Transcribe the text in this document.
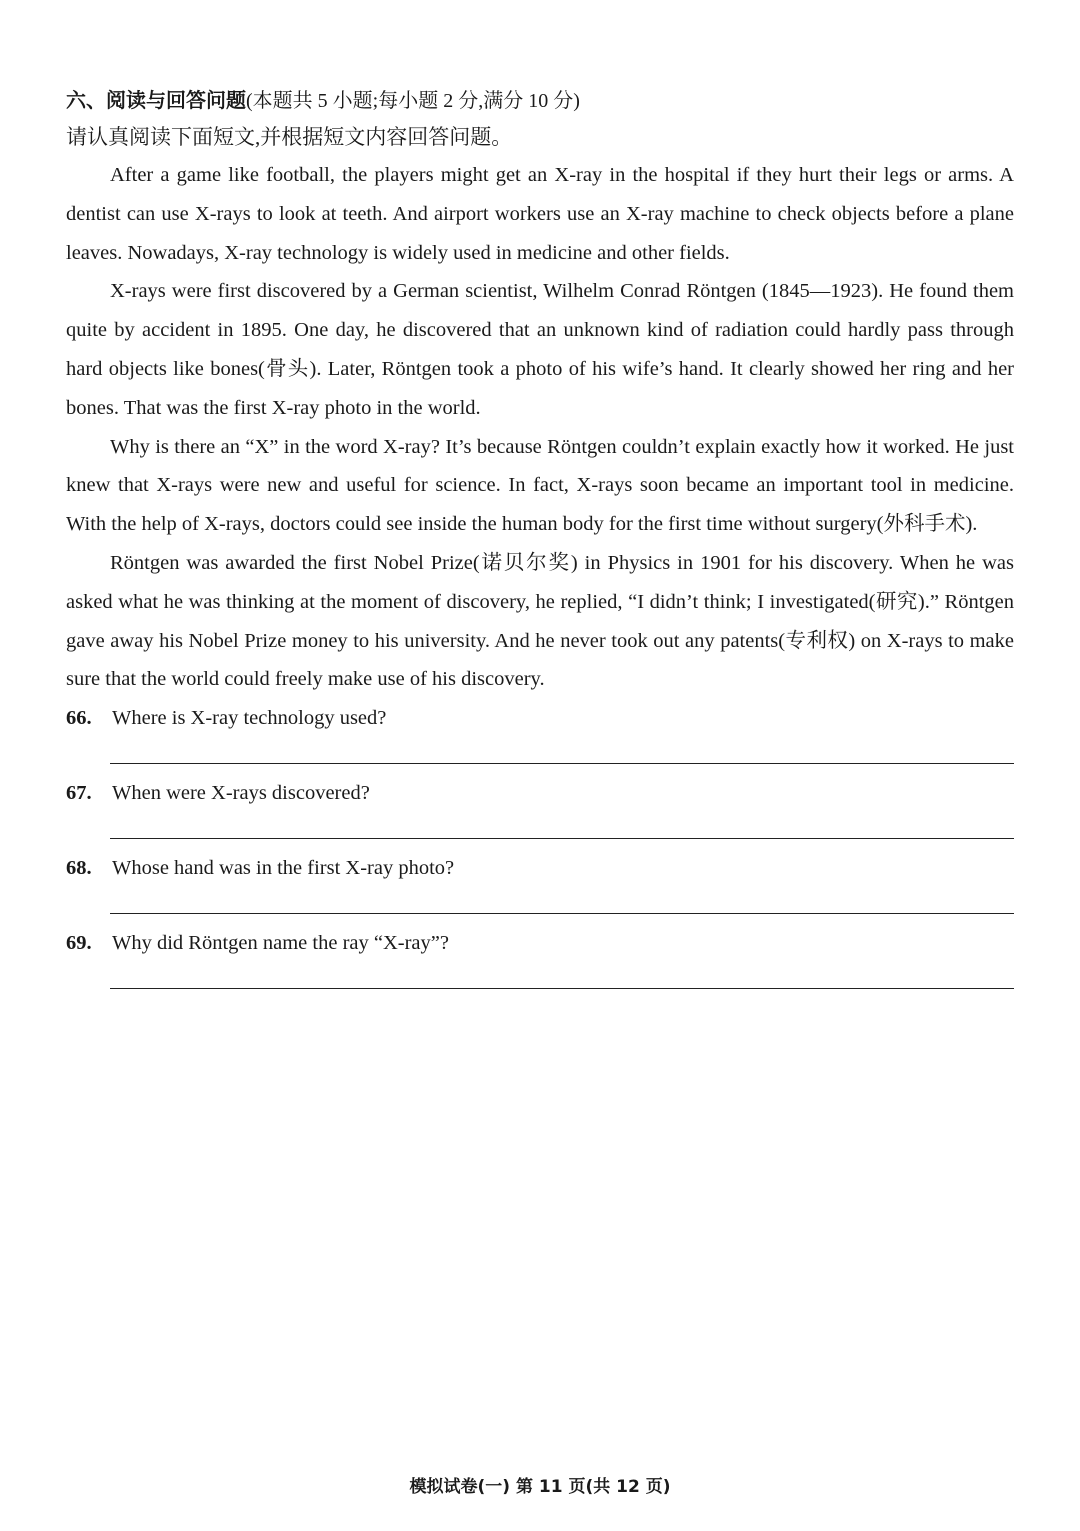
六、阅读与回答问题(本题共 5 小题;每小题 2 分,满分 10 分)

请认真阅读下面短文,并根据短文内容回答问题。

After a game like football, the players might get an X-ray in the hospital if they hurt their legs or arms. A dentist can use X-rays to look at teeth. And airport workers use an X-ray machine to check objects before a plane leaves. Nowadays, X-ray technology is widely used in medicine and other fields.

X-rays were first discovered by a German scientist, Wilhelm Conrad Röntgen (1845—1923). He found them quite by accident in 1895. One day, he discovered that an unknown kind of radiation could hardly pass through hard objects like bones(骨头). Later, Röntgen took a photo of his wife’s hand. It clearly showed her ring and her bones. That was the first X-ray photo in the world.

Why is there an “X” in the word X-ray? It’s because Röntgen couldn’t explain exactly how it worked. He just knew that X-rays were new and useful for science. In fact, X-rays soon became an important tool in medicine. With the help of X-rays, doctors could see inside the human body for the first time without surgery(外科手术).

Röntgen was awarded the first Nobel Prize(诺贝尔奖) in Physics in 1901 for his discovery. When he was asked what he was thinking at the moment of discovery, he replied, “I didn’t think; I investigated(研究).” Röntgen gave away his Nobel Prize money to his university. And he never took out any patents(专利权) on X-rays to make sure that the world could freely make use of his discovery.

66. Where is X-ray technology used?

67. When were X-rays discovered?

68. Whose hand was in the first X-ray photo?

69. Why did Röntgen name the ray “X-ray”?

模拟试卷(一) 第 11 页(共 12 页)
